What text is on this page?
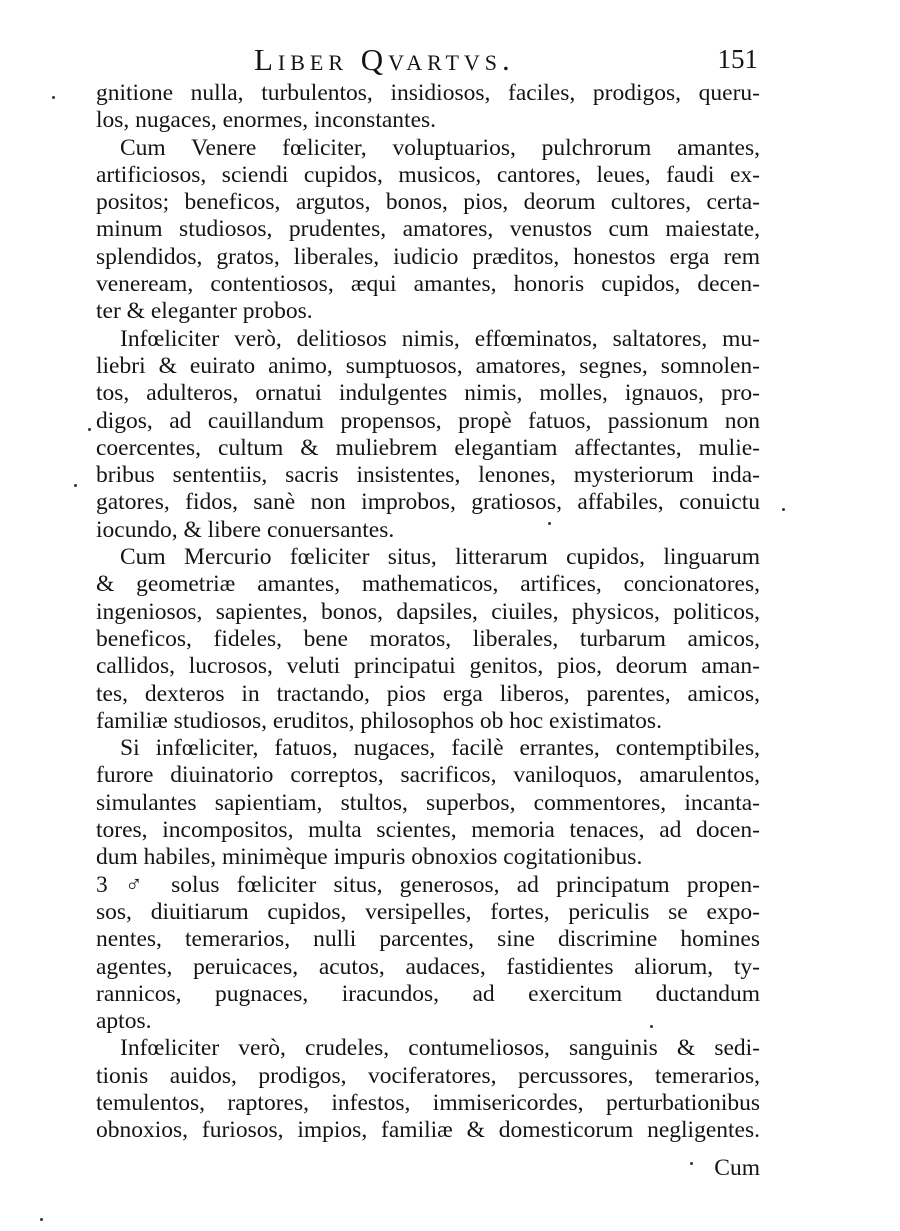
Liber Qvartvs.	151
gnitione nulla, turbulentos, insidiosos, faciles, prodigos, queru-
los, nugaces, enormes, inconstantes.
Cum Venere fœliciter, voluptuarios, pulchrorum amantes,
artificiosos, sciendi cupidos, musicos, cantores, leues, faudi ex-
positos; beneficos, argutos, bonos, pios, deorum cultores, certa-
minum studiosos, prudentes, amatores, venustos cum maiestate,
splendidos, gratos, liberales, iudicio præditos, honestos erga rem
veneream, contentiosos, æqui amantes, honoris cupidos, decen-
ter & eleganter probos.
Infœliciter verò, delitiosos nimis, effœminatos, saltatores, mu-
liebri & euirato animo, sumptuosos, amatores, segnes, somnolen-
tos, adulteros, ornatui indulgentes nimis, molles, ignauos, pro-
digos, ad cauillandum propensos, propè fatuos, passionum non
coercentes, cultum & muliebrem elegantiam affectantes, mulie-
bribus sententiis, sacris insistentes, lenones, mysteriorum inda-
gatores, fidos, sanè non improbos, gratiosos, affabiles, conuictu
iocundo, & libere conuersantes.
Cum Mercurio fœliciter situs, litterarum cupidos, linguarum
& geometriæ amantes, mathematicos, artifices, concionatores,
ingeniosos, sapientes, bonos, dapsiles, ciuiles, physicos, politicos,
beneficos, fideles, bene moratos, liberales, turbarum amicos,
callidos, lucrosos, veluti principatui genitos, pios, deorum aman-
tes, dexteros in tractando, pios erga liberos, parentes, amicos,
familiæ studiosos, eruditos, philosophos ob hoc existimatos.
Si infœliciter, fatuos, nugaces, facilè errantes, contemptibiles,
furore diuinatorio correptos, sacrificos, vaniloquos, amarulentos,
simulantes sapientiam, stultos, superbos, commentores, incanta-
tores, incompositos, multa scientes, memoria tenaces, ad docen-
dum habiles, minimèque impuris obnoxios cogitationibus.
3 ♂ solus fœliciter situs, generosos, ad principatum propen-
sos, diuitiarum cupidos, versipelles, fortes, periculis se expo-
nentes, temerarios, nulli parcentes, sine discrimine homines
agentes, peruicaces, acutos, audaces, fastidientes aliorum, ty-
rannicos, pugnaces, iracundos, ad exercitum ductandum
aptos.
Infœliciter verò, crudeles, contumeliosos, sanguinis & sedi-
tionis auidos, prodigos, vociferatores, percussores, temerarios,
temulentos, raptores, infestos, immisericordes, perturbationibus
obnoxios, furiosos, impios, familiæ & domesticorum negligentes.
Cum
